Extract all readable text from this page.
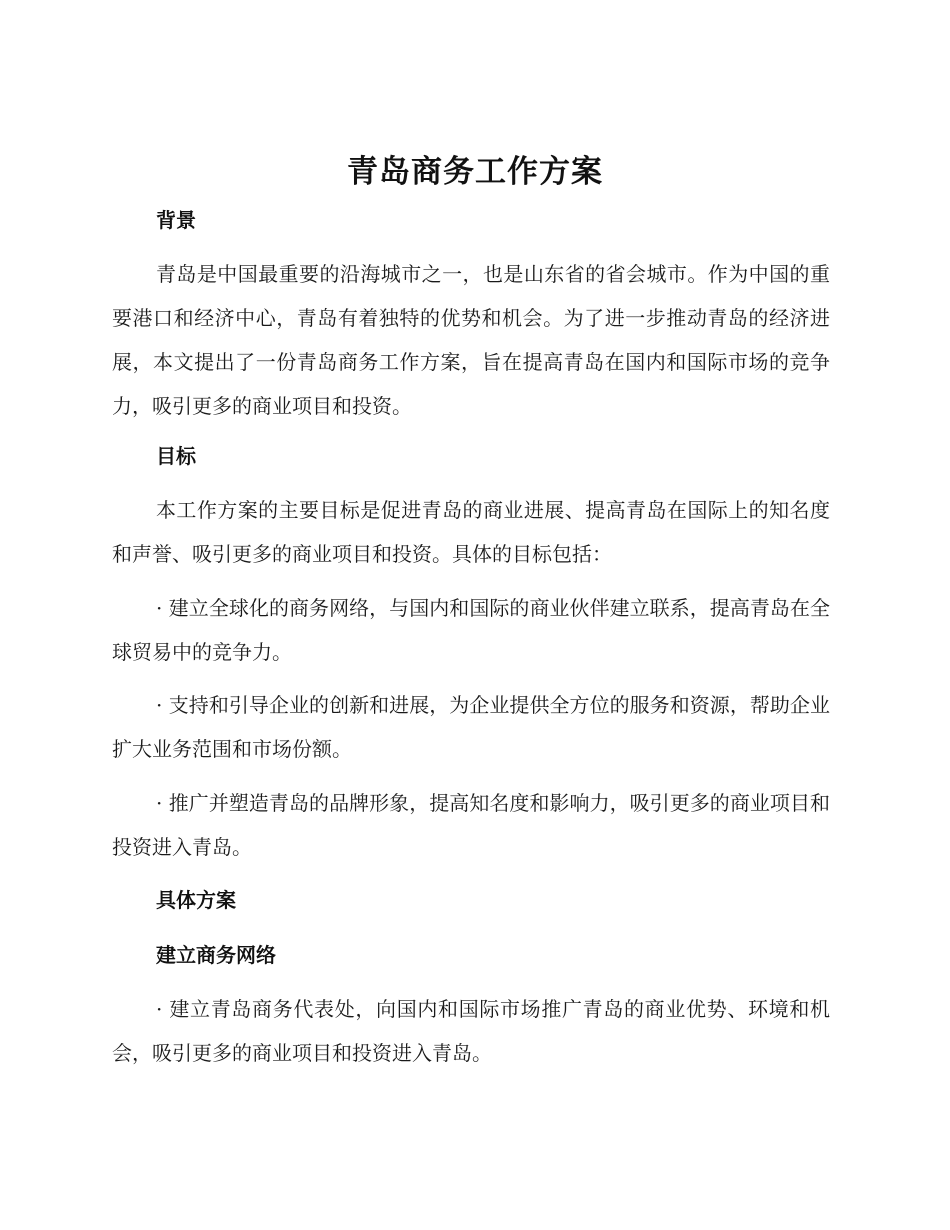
青岛商务工作方案
背景
青岛是中国最重要的沿海城市之一，也是山东省的省会城市。作为中国的重要港口和经济中心，青岛有着独特的优势和机会。为了进一步推动青岛的经济进展，本文提出了一份青岛商务工作方案，旨在提高青岛在国内和国际市场的竞争力，吸引更多的商业项目和投资。
目标
本工作方案的主要目标是促进青岛的商业进展、提高青岛在国际上的知名度和声誉、吸引更多的商业项目和投资。具体的目标包括：
· 建立全球化的商务网络，与国内和国际的商业伙伴建立联系，提高青岛在全球贸易中的竞争力。
· 支持和引导企业的创新和进展，为企业提供全方位的服务和资源，帮助企业扩大业务范围和市场份额。
· 推广并塑造青岛的品牌形象，提高知名度和影响力，吸引更多的商业项目和投资进入青岛。
具体方案
建立商务网络
· 建立青岛商务代表处，向国内和国际市场推广青岛的商业优势、环境和机会，吸引更多的商业项目和投资进入青岛。
